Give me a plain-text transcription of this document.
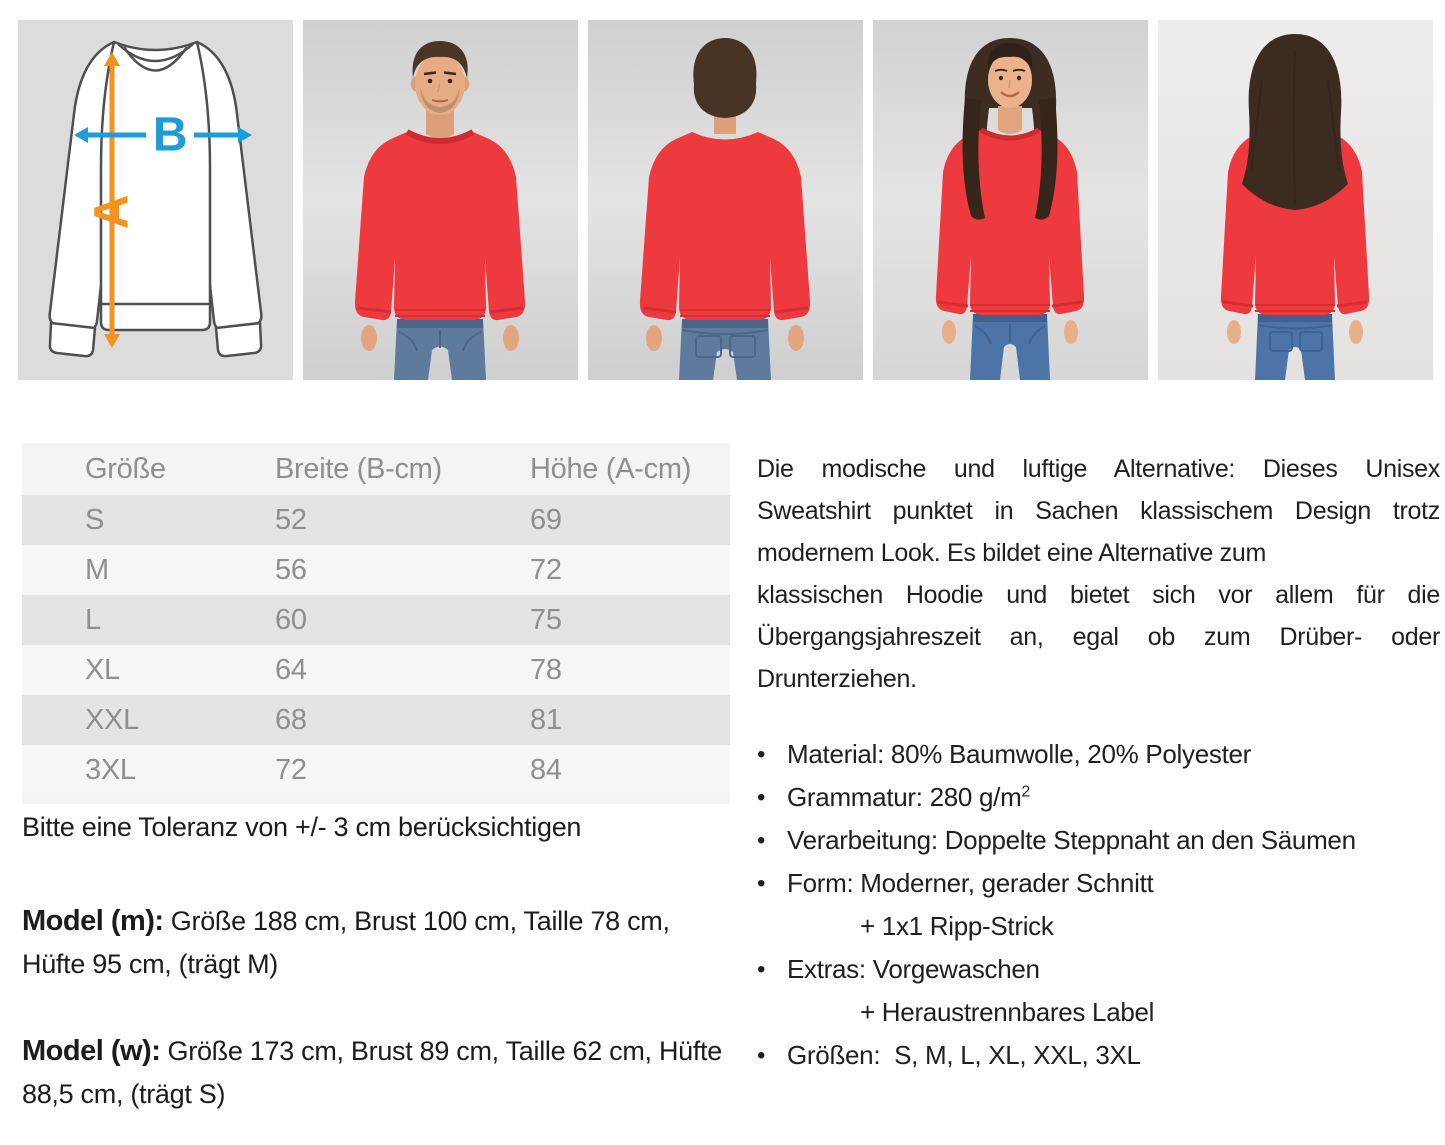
A
B
Größe	Breite (B-cm)	Höhe (A-cm)
S	52	69
M	56	72
L	60	75
XL	64	78
XXL	68	81
3XL	72	84
Bitte eine Toleranz von +/- 3 cm berücksichtigen
Model (m): Größe 188 cm, Brust 100 cm, Taille 78 cm, Hüfte 95 cm, (trägt M)
Model (w): Größe 173 cm, Brust 89 cm, Taille 62 cm, Hüfte 88,5 cm, (trägt S)
Die modische und luftige Alternative: Dieses Unisex
Sweatshirt punktet in Sachen klassischem Design trotz
modernem Look. Es bildet eine Alternative zum
klassischen Hoodie und bietet sich vor allem für die
Übergangsjahreszeit an, egal ob zum Drüber- oder
Drunterziehen.
• Material: 80% Baumwolle, 20% Polyester
• Grammatur: 280 $g/m^2$
• Verarbeitung: Doppelte Steppnaht an den Säumen
• Form: Moderner, gerader Schnitt
+ 1x1 Ripp-Strick
• Extras: Vorgewaschen
+ Heraustrennbares Label
• Größen:  S, M, L, XL, XXL, 3XL
